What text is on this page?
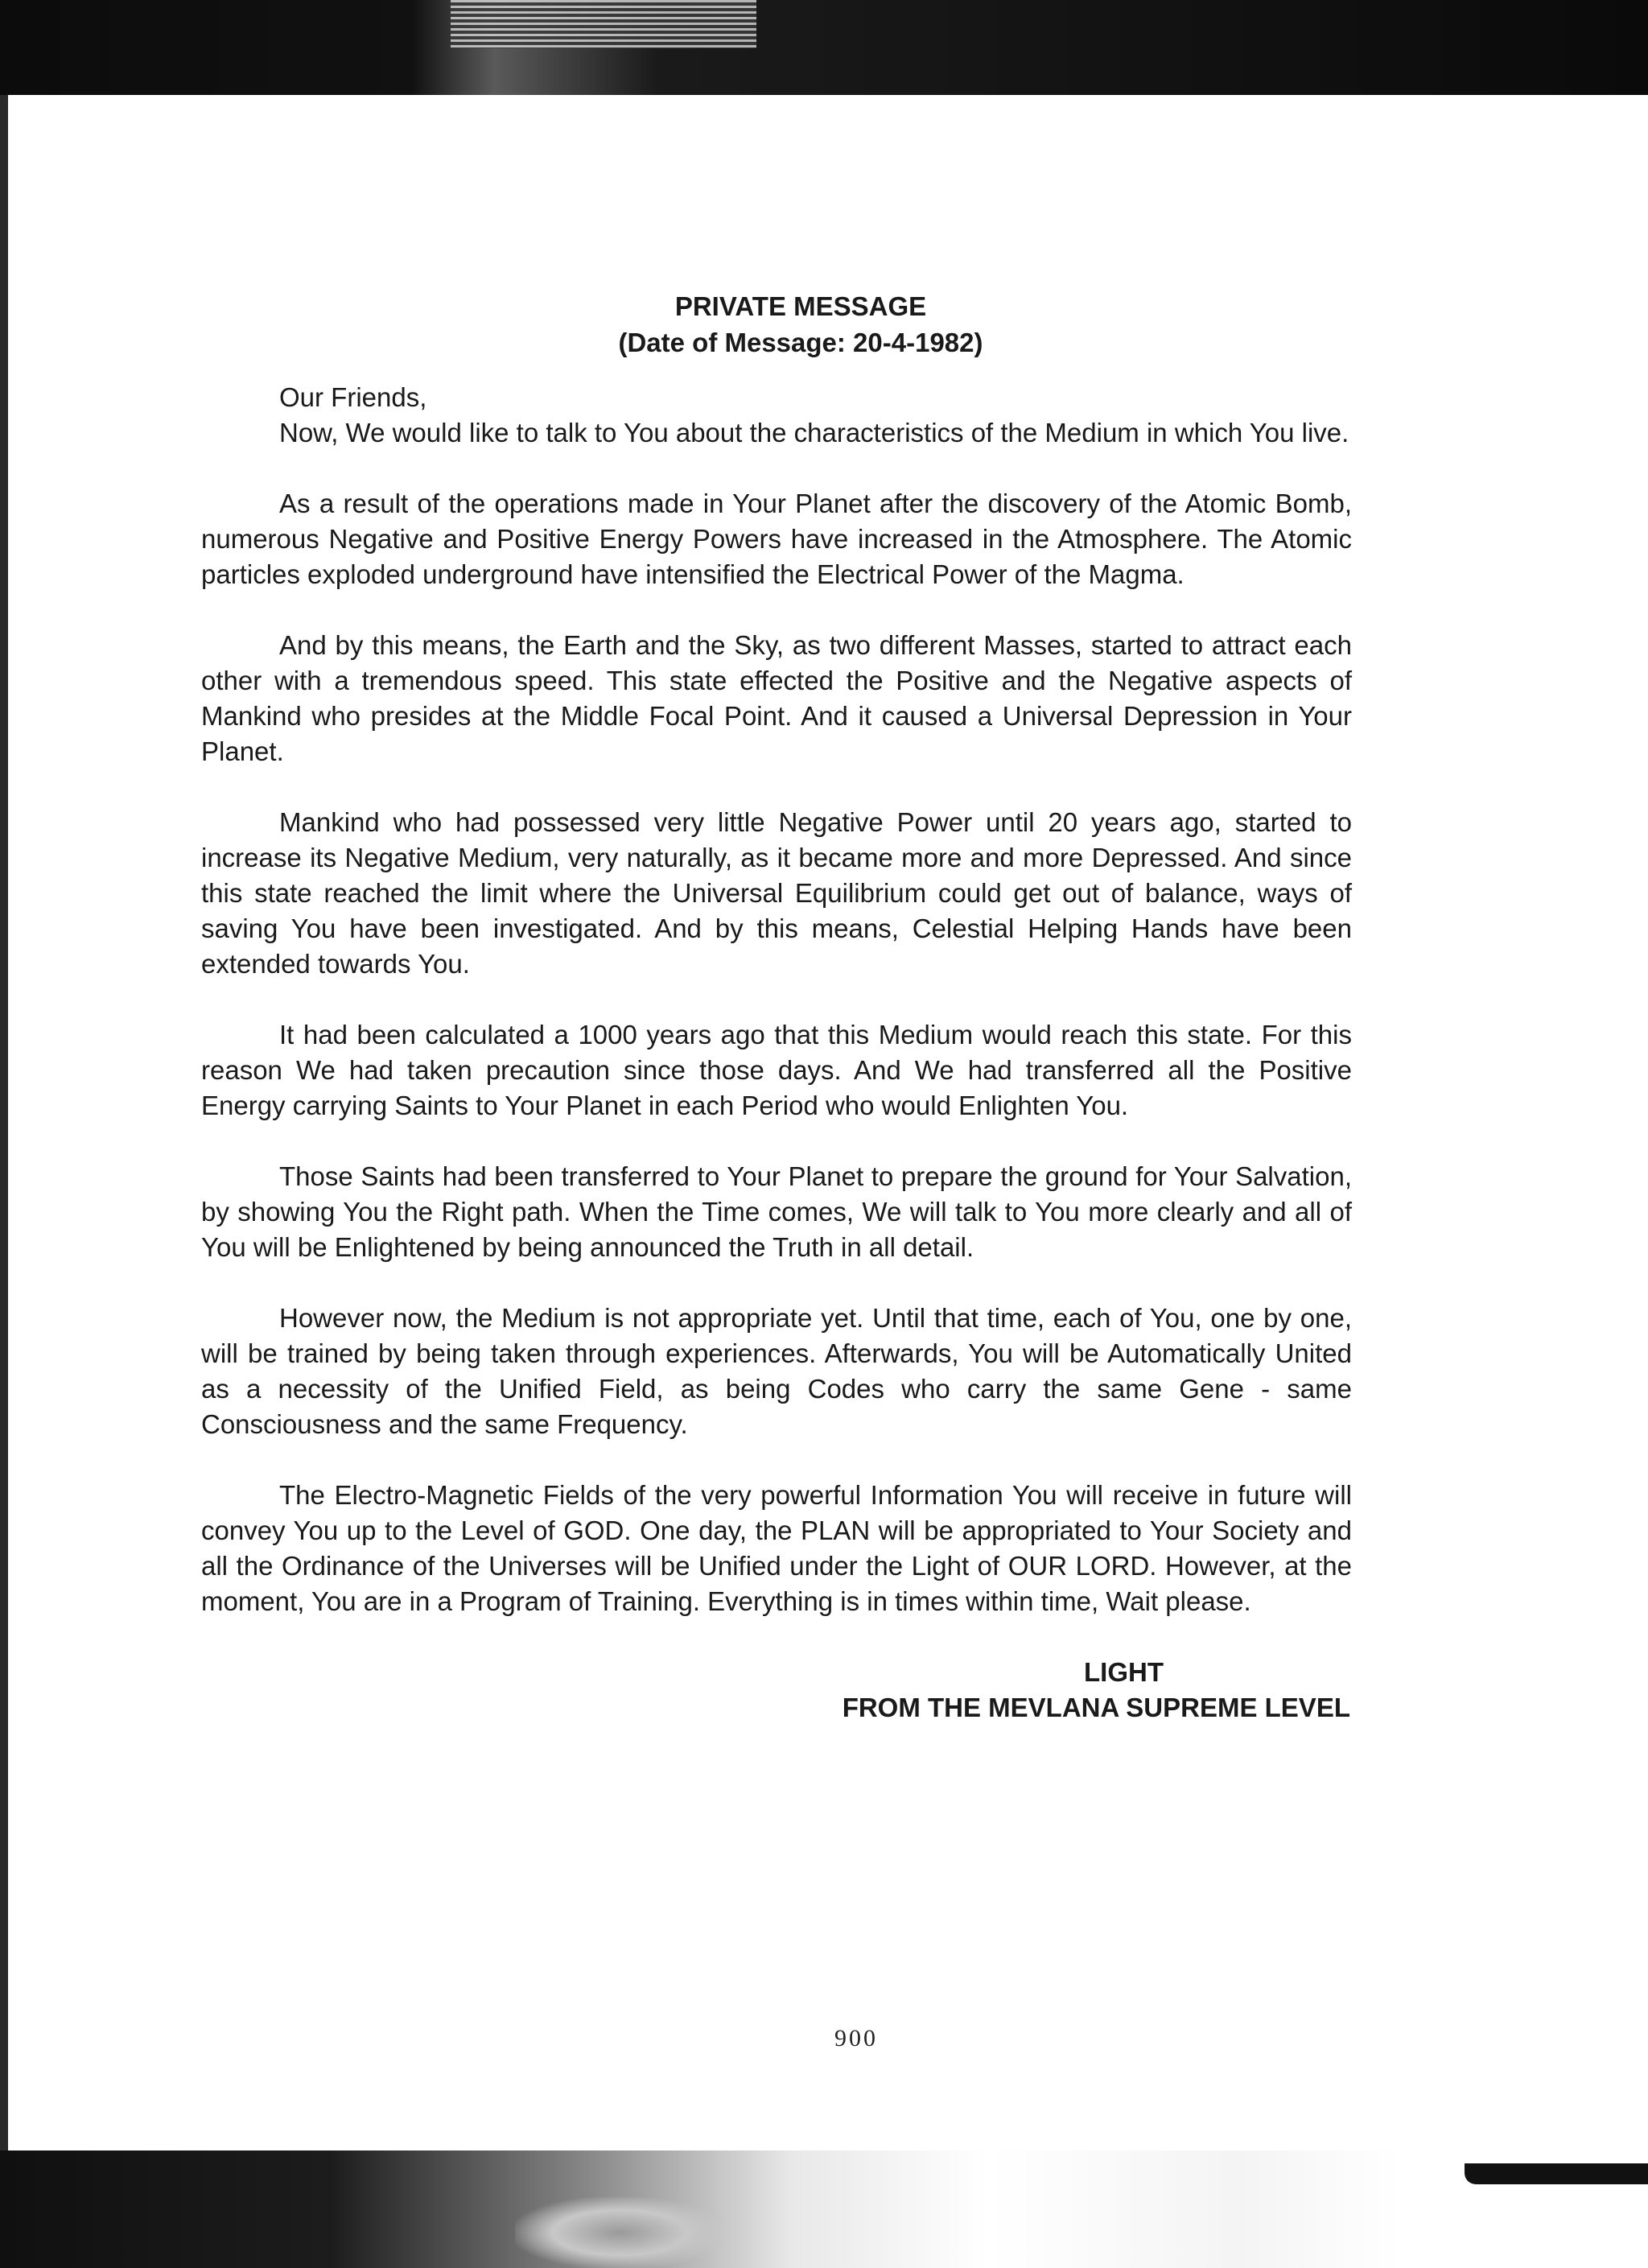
PRIVATE MESSAGE
(Date of Message: 20-4-1982)
Our Friends,

Now, We would like to talk to You about the characteristics of the Medium in which You live.

As a result of the operations made in Your Planet after the discovery of the Atomic Bomb, numerous Negative and Positive Energy Powers have increased in the Atmosphere. The Atomic particles exploded underground have intensified the Electrical Power of the Magma.

And by this means, the Earth and the Sky, as two different Masses, started to attract each other with a tremendous speed. This state effected the Positive and the Negative aspects of Mankind who presides at the Middle Focal Point. And it caused a Universal Depression in Your Planet.

Mankind who had possessed very little Negative Power until 20 years ago, started to increase its Negative Medium, very naturally, as it became more and more Depressed. And since this state reached the limit where the Universal Equilibrium could get out of balance, ways of saving You have been investigated. And by this means, Celestial Helping Hands have been extended towards You.

It had been calculated a 1000 years ago that this Medium would reach this state. For this reason We had taken precaution since those days. And We had transferred all the Positive Energy carrying Saints to Your Planet in each Period who would Enlighten You.

Those Saints had been transferred to Your Planet to prepare the ground for Your Salvation, by showing You the Right path. When the Time comes, We will talk to You more clearly and all of You will be Enlightened by being announced the Truth in all detail.

However now, the Medium is not appropriate yet. Until that time, each of You, one by one, will be trained by being taken through experiences. Afterwards, You will be Automatically United as a necessity of the Unified Field, as being Codes who carry the same Gene - same Consciousness and the same Frequency.

The Electro-Magnetic Fields of the very powerful Information You will receive in future will convey You up to the Level of GOD. One day, the PLAN will be appropriated to Your Society and all the Ordinance of the Universes will be Unified under the Light of OUR LORD. However, at the moment, You are in a Program of Training. Everything is in times within time, Wait please.

LIGHT
FROM THE MEVLANA SUPREME LEVEL
900
